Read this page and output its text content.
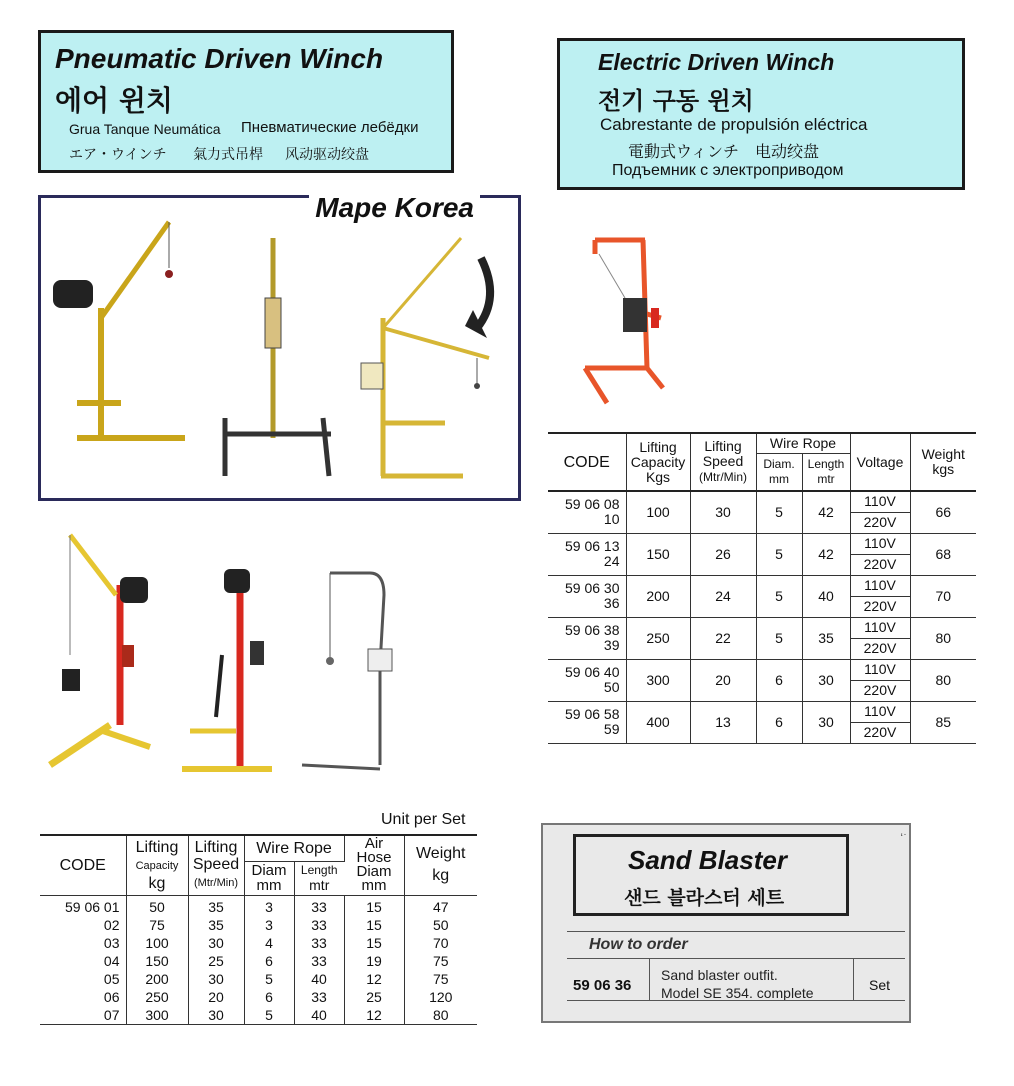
Pneumatic Driven Winch
에어 윈치
Grua Tanque Neumática Пневматические лебёдки
エア・ウインチ 氣力式吊桿 风动驱动绞盘
Electric Driven Winch
전기 구동 윈치
Cabrestante de propulsión eléctrica
電動式ウィンチ　电动绞盘
Подъемник с электроприводом
Mape Korea
CODE	Lifting
Capacity
Kgs	Lifting
Speed
(Mtr/Min)	Wire Rope		Voltage	Weight
kgs
			Diam.
mm	Length
mtr		

59 06 08
10	100	30	5	42	110V	66
					220V	

59 06 13
24	150	26	5	42	110V	68
					220V	

59 06 30
36	200	24	5	40	110V	70
					220V	

59 06 38
39	250	22	5	35	110V	80
					220V	

59 06 40
50	300	20	6	30	110V	80
					220V	

59 06 58
59	400	13	6	30	110V	85
					220V	
Unit per Set
CODE	Lifting
Capacity
kg	Lifting
Speed
(Mtr/Min)	Wire Rope		Air
Hose
Diam
mm	Weight
kg
			Diam
mm	Length
mtr		
59 06 01	50	35	3	33	15	47
02	75	35	3	33	15	50
03	100	30	4	33	15	70
04	150	25	6	33	19	75
05	200	30	5	40	12	75
06	250	20	6	33	25	120
07	300	30	5	40	12	80
Sand Blaster
샌드 블라스터 세트
ʻ͘
How to order
59 06 36
Sand blaster outfit.
Model SE 354. complete	Set
